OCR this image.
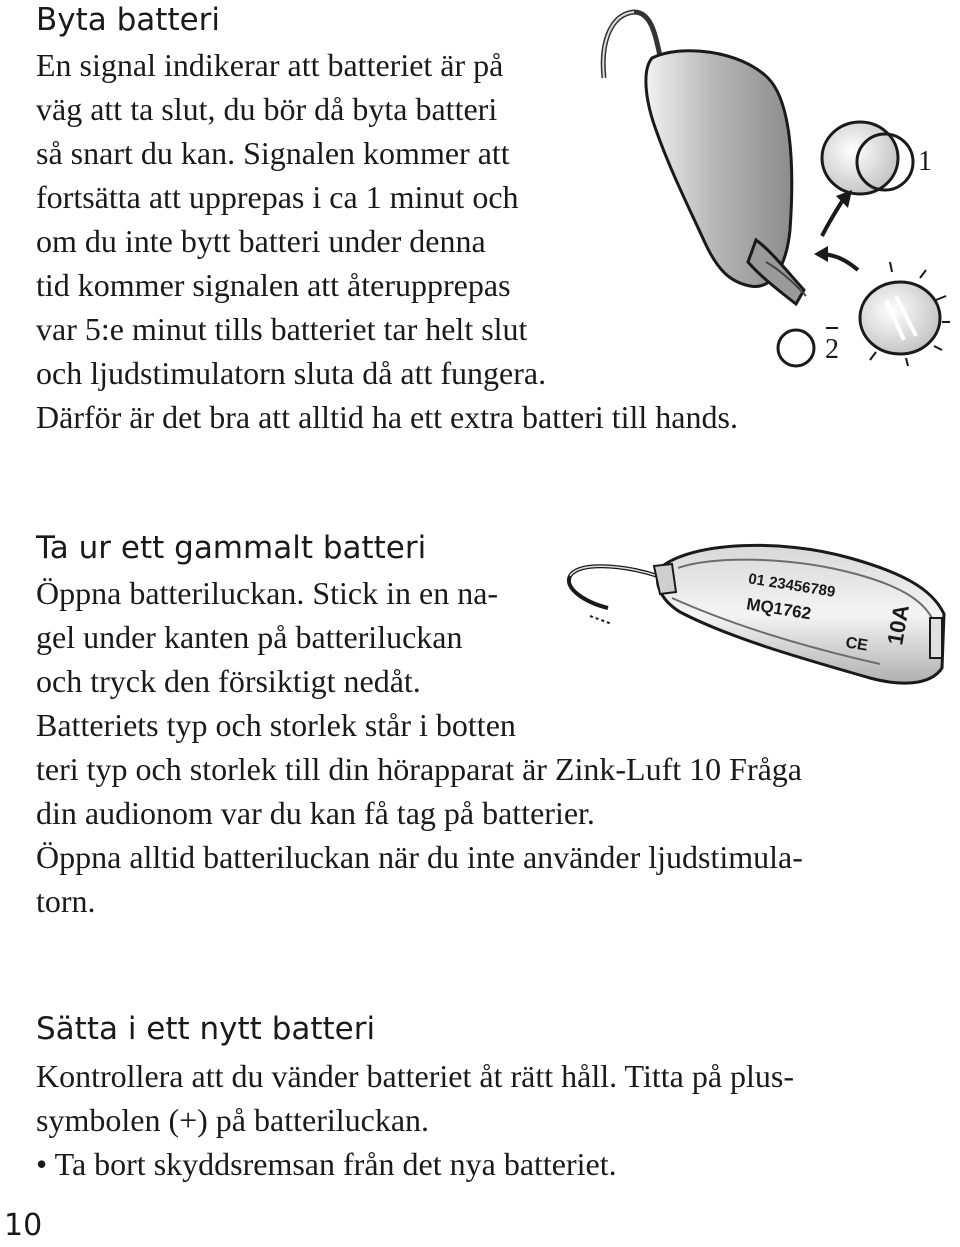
Byta batteri
En signal indikerar att batteriet är på
väg att ta slut, du bör då byta batteri
så snart du kan. Signalen kommer att
fortsätta att upprepas i ca 1 minut och
om du inte bytt batteri under denna
tid kommer signalen att återupprepas
var 5:e minut tills batteriet tar helt slut
och ljudstimulatorn sluta då att fungera.
Därför är det bra att alltid ha ett extra batteri till hands.
2
1
Ta ur ett gammalt batteri
Öppna batteriluckan. Stick in en na-
gel under kanten på batteriluckan
och tryck den försiktigt nedåt.
Batteriets typ och storlek står i botten
01 23456789
MQ1762
CE 10A
teri typ och storlek till din hörapparat är Zink-Luft 10 Fråga
din audionom var du kan få tag på batterier.
Öppna alltid batteriluckan när du inte använder ljudstimula-
torn.
Sätta i ett nytt batteri
Kontrollera att du vänder batteriet åt rätt håll. Titta på plus-
symbolen (+) på batteriluckan.
• Ta bort skyddsremsan från det nya batteriet.
10
